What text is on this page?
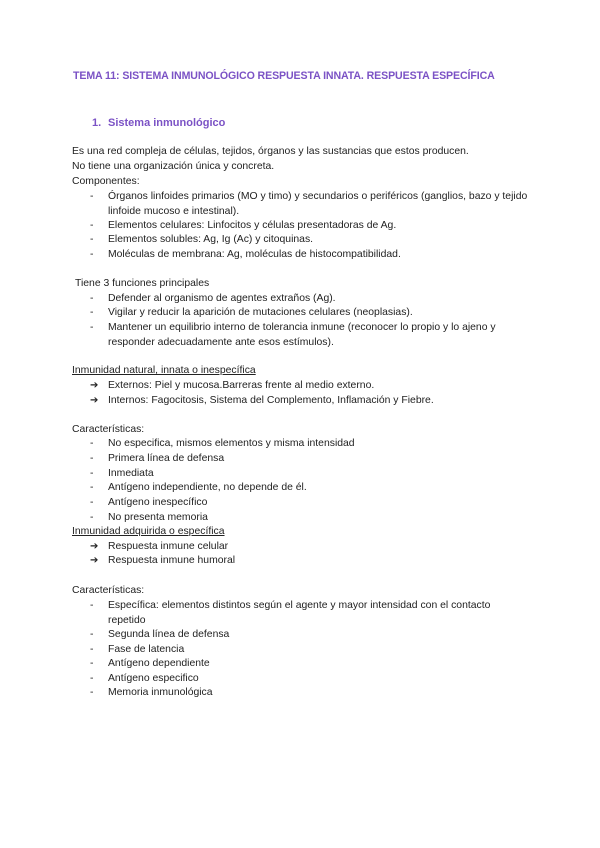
TEMA 11: SISTEMA INMUNOLÓGICO RESPUESTA INNATA. RESPUESTA ESPECÍFICA
1. Sistema inmunológico
Es una red compleja de células, tejidos, órganos y las sustancias que estos producen.
No tiene una organización única y concreta.
Componentes:
-	Órganos linfoides primarios (MO y timo) y secundarios o periféricos (ganglios, bazo y tejido linfoide mucoso e intestinal).
-	Elementos celulares: Linfocitos y células presentadoras de Ag.
-	Elementos solubles: Ag, Ig (Ac) y citoquinas.
-	Moléculas de membrana: Ag, moléculas de histocompatibilidad.
Tiene 3 funciones principales
-	Defender al organismo de agentes extraños (Ag).
-	Vigilar y reducir la aparición de mutaciones celulares (neoplasias).
-	Mantener un equilibrio interno de tolerancia inmune (reconocer lo propio y lo ajeno y responder adecuadamente ante esos estímulos).
Inmunidad natural, innata o inespecífica
➔ Externos: Piel y mucosa.Barreras frente al medio externo.
➔ Internos: Fagocitosis, Sistema del Complemento, Inflamación y Fiebre.
Características:
-	No especifica, mismos elementos y misma intensidad
-	Primera línea de defensa
-	Inmediata
-	Antígeno independiente, no depende de él.
-	Antígeno inespecífico
-	No presenta memoria
Inmunidad adquirida o específica
➔ Respuesta inmune celular
➔ Respuesta inmune humoral
Características:
-	Específica: elementos distintos según el agente y mayor intensidad con el contacto repetido
-	Segunda línea de defensa
-	Fase de latencia
-	Antígeno dependiente
-	Antígeno especifico
-	Memoria inmunológica
